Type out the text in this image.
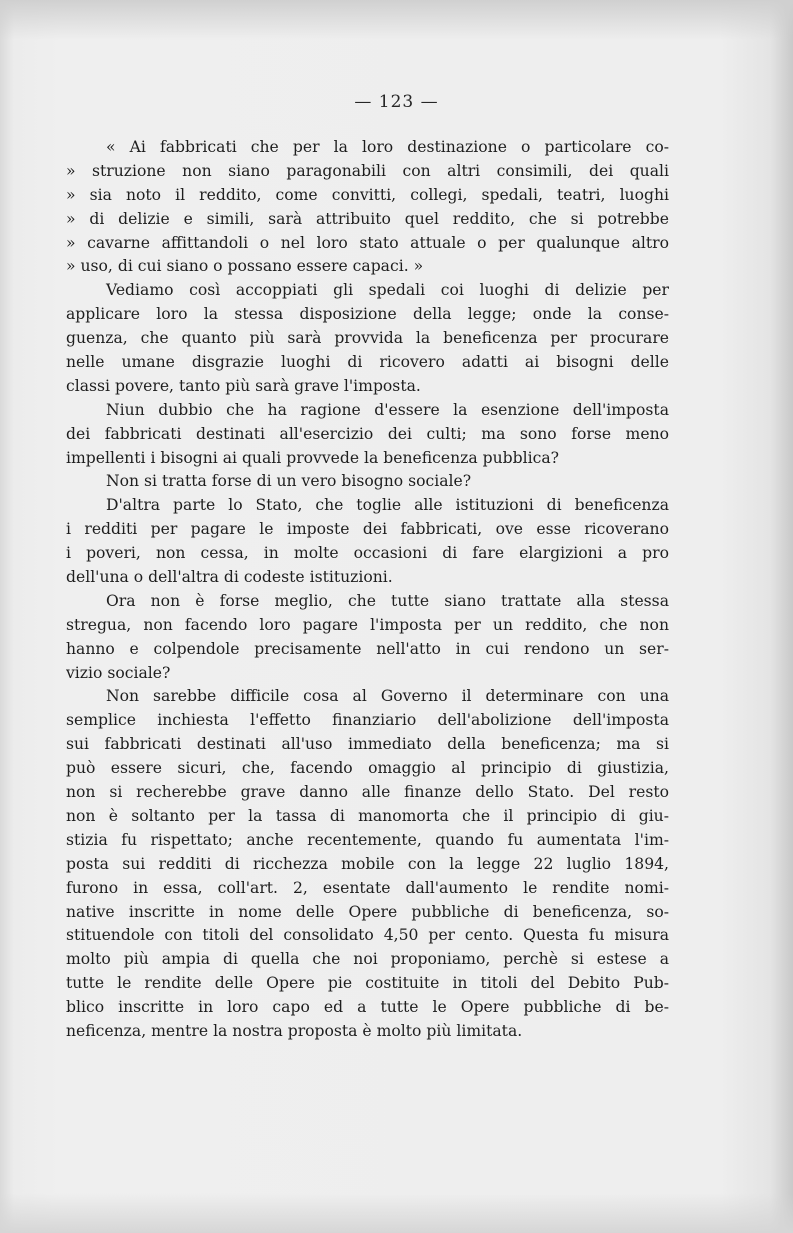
— 123 —
« Ai fabbricati che per la loro destinazione o particolare co-
» struzione non siano paragonabili con altri consimili, dei quali
» sia noto il reddito, come convitti, collegi, spedali, teatri, luoghi
» di delizie e simili, sarà attribuito quel reddito, che si potrebbe
» cavarne affittandoli o nel loro stato attuale o per qualunque altro
» uso, di cui siano o possano essere capaci. »
Vediamo così accoppiati gli spedali coi luoghi di delizie per
applicare loro la stessa disposizione della legge; onde la conse-
guenza, che quanto più sarà provvida la beneficenza per procurare
nelle umane disgrazie luoghi di ricovero adatti ai bisogni delle
classi povere, tanto più sarà grave l'imposta.
Niun dubbio che ha ragione d'essere la esenzione dell'imposta
dei fabbricati destinati all'esercizio dei culti; ma sono forse meno
impellenti i bisogni ai quali provvede la beneficenza pubblica?
Non si tratta forse di un vero bisogno sociale?
D'altra parte lo Stato, che toglie alle istituzioni di beneficenza
i redditi per pagare le imposte dei fabbricati, ove esse ricoverano
i poveri, non cessa, in molte occasioni di fare elargizioni a pro
dell'una o dell'altra di codeste istituzioni.
Ora non è forse meglio, che tutte siano trattate alla stessa
stregua, non facendo loro pagare l'imposta per un reddito, che non
hanno e colpendole precisamente nell'atto in cui rendono un ser-
vizio sociale?
Non sarebbe difficile cosa al Governo il determinare con una
semplice inchiesta l'effetto finanziario dell'abolizione dell'imposta
sui fabbricati destinati all'uso immediato della beneficenza; ma si
può essere sicuri, che, facendo omaggio al principio di giustizia,
non si recherebbe grave danno alle finanze dello Stato. Del resto
non è soltanto per la tassa di manomorta che il principio di giu-
stizia fu rispettato; anche recentemente, quando fu aumentata l'im-
posta sui redditi di ricchezza mobile con la legge 22 luglio 1894,
furono in essa, coll'art. 2, esentate dall'aumento le rendite nomi-
native inscritte in nome delle Opere pubbliche di beneficenza, so-
stituendole con titoli del consolidato 4,50 per cento. Questa fu misura
molto più ampia di quella che noi proponiamo, perchè si estese a
tutte le rendite delle Opere pie costituite in titoli del Debito Pub-
blico inscritte in loro capo ed a tutte le Opere pubbliche di be-
neficenza, mentre la nostra proposta è molto più limitata.
